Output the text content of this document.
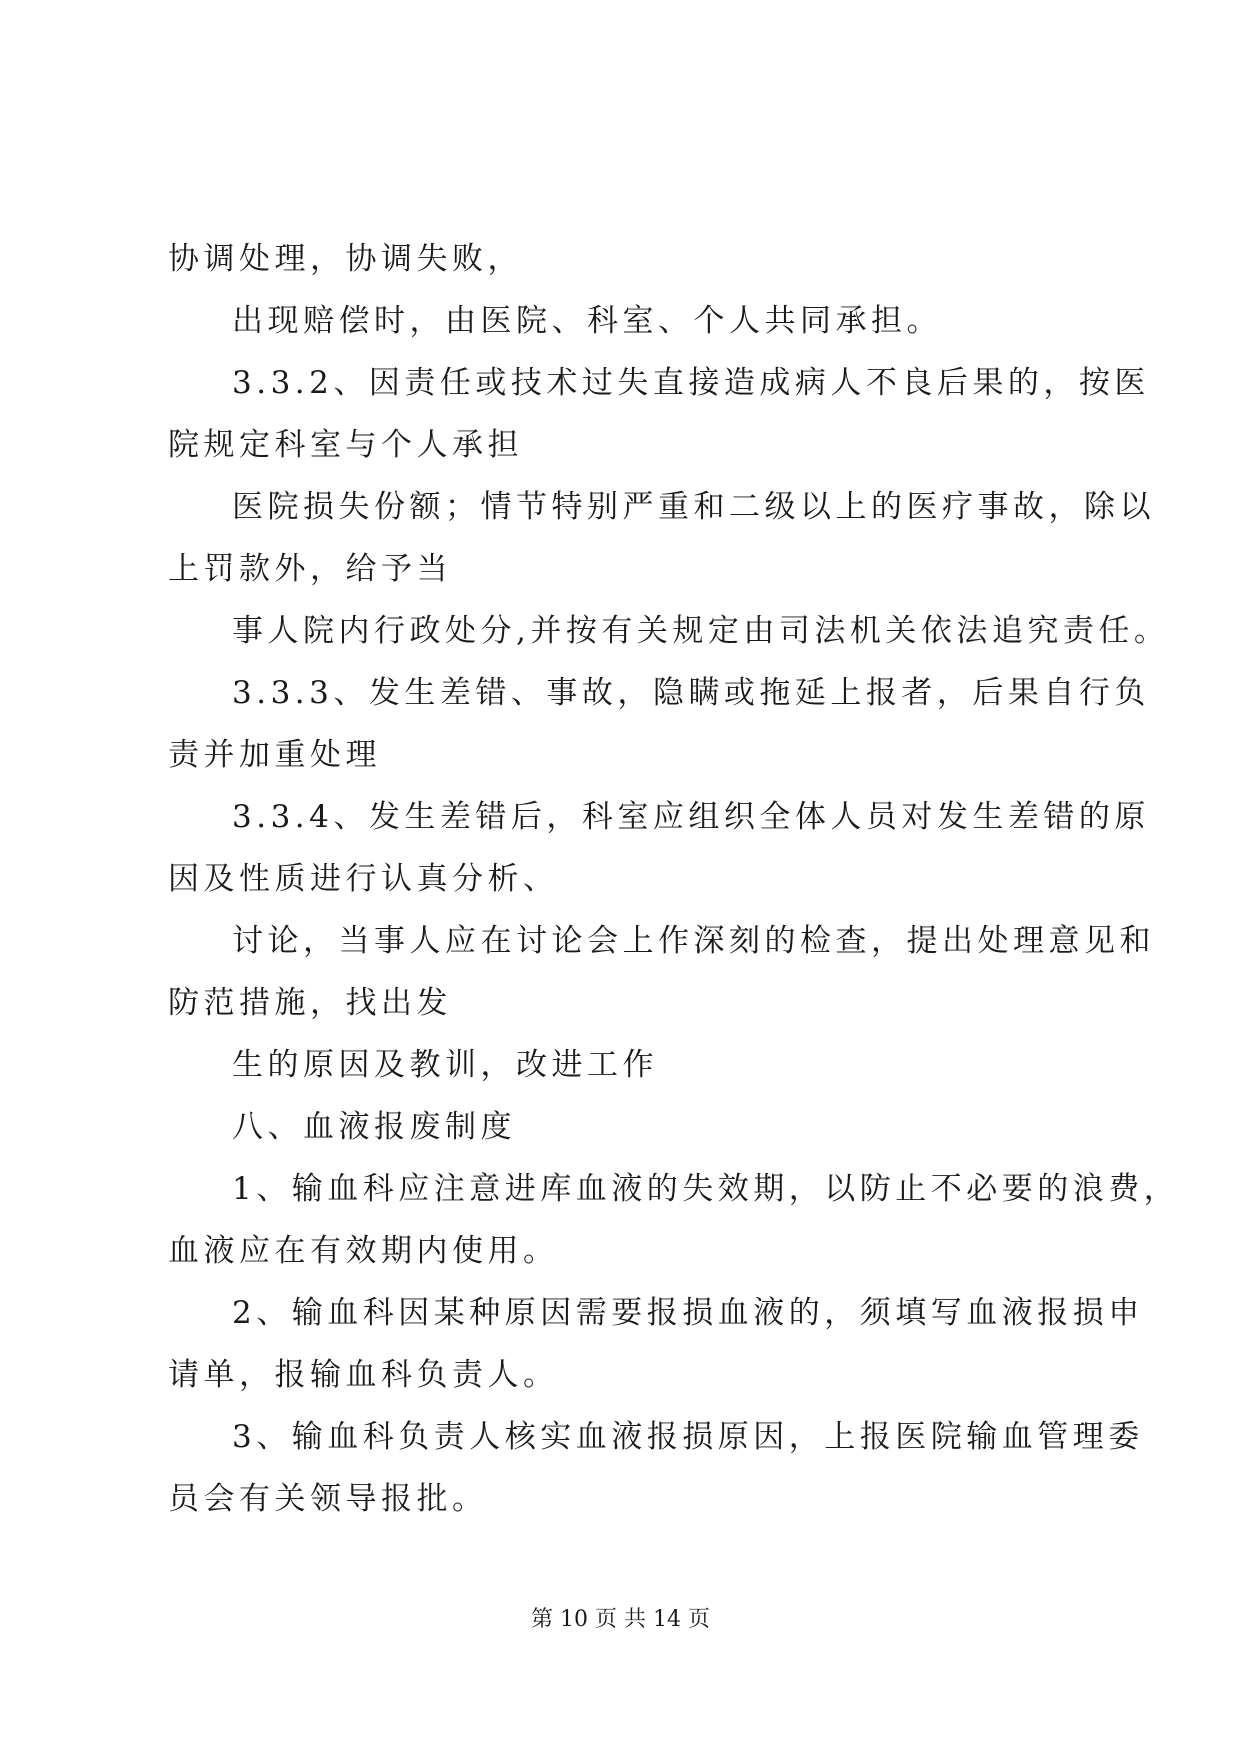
协调处理，协调失败，
出现赔偿时，由医院、科室、个人共同承担。
3.3.2、因责任或技术过失直接造成病人不良后果的，按医
院规定科室与个人承担
医院损失份额；情节特别严重和二级以上的医疗事故，除以
上罚款外，给予当
事人院内行政处分,并按有关规定由司法机关依法追究责任。
3.3.3、发生差错、事故，隐瞒或拖延上报者，后果自行负
责并加重处理
3.3.4、发生差错后，科室应组织全体人员对发生差错的原
因及性质进行认真分析、
讨论，当事人应在讨论会上作深刻的检查，提出处理意见和
防范措施，找出发
生的原因及教训，改进工作
八、血液报废制度
1、输血科应注意进库血液的失效期，以防止不必要的浪费，
血液应在有效期内使用。
2、输血科因某种原因需要报损血液的，须填写血液报损申
请单，报输血科负责人。
3、输血科负责人核实血液报损原因，上报医院输血管理委
员会有关领导报批。
第 10 页 共 14 页
